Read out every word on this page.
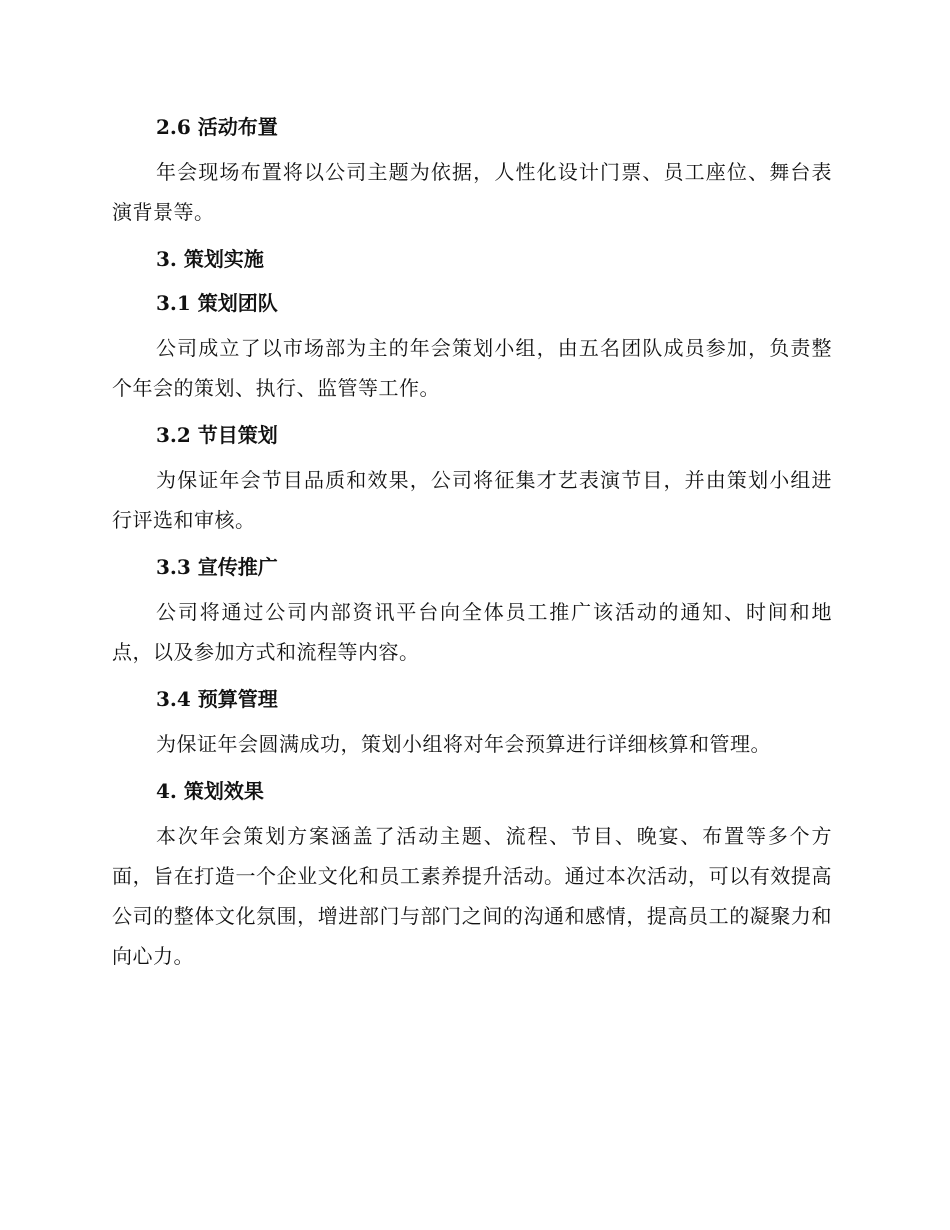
2.6 活动布置

年会现场布置将以公司主题为依据，人性化设计门票、员工座位、舞台表演背景等。

3. 策划实施
3.1 策划团队

公司成立了以市场部为主的年会策划小组，由五名团队成员参加，负责整个年会的策划、执行、监管等工作。

3.2 节目策划

为保证年会节目品质和效果，公司将征集才艺表演节目，并由策划小组进行评选和审核。

3.3 宣传推广

公司将通过公司内部资讯平台向全体员工推广该活动的通知、时间和地点，以及参加方式和流程等内容。

3.4 预算管理

为保证年会圆满成功，策划小组将对年会预算进行详细核算和管理。

4. 策划效果

本次年会策划方案涵盖了活动主题、流程、节目、晚宴、布置等多个方面，旨在打造一个企业文化和员工素养提升活动。通过本次活动，可以有效提高公司的整体文化氛围，增进部门与部门之间的沟通和感情，提高员工的凝聚力和向心力。
